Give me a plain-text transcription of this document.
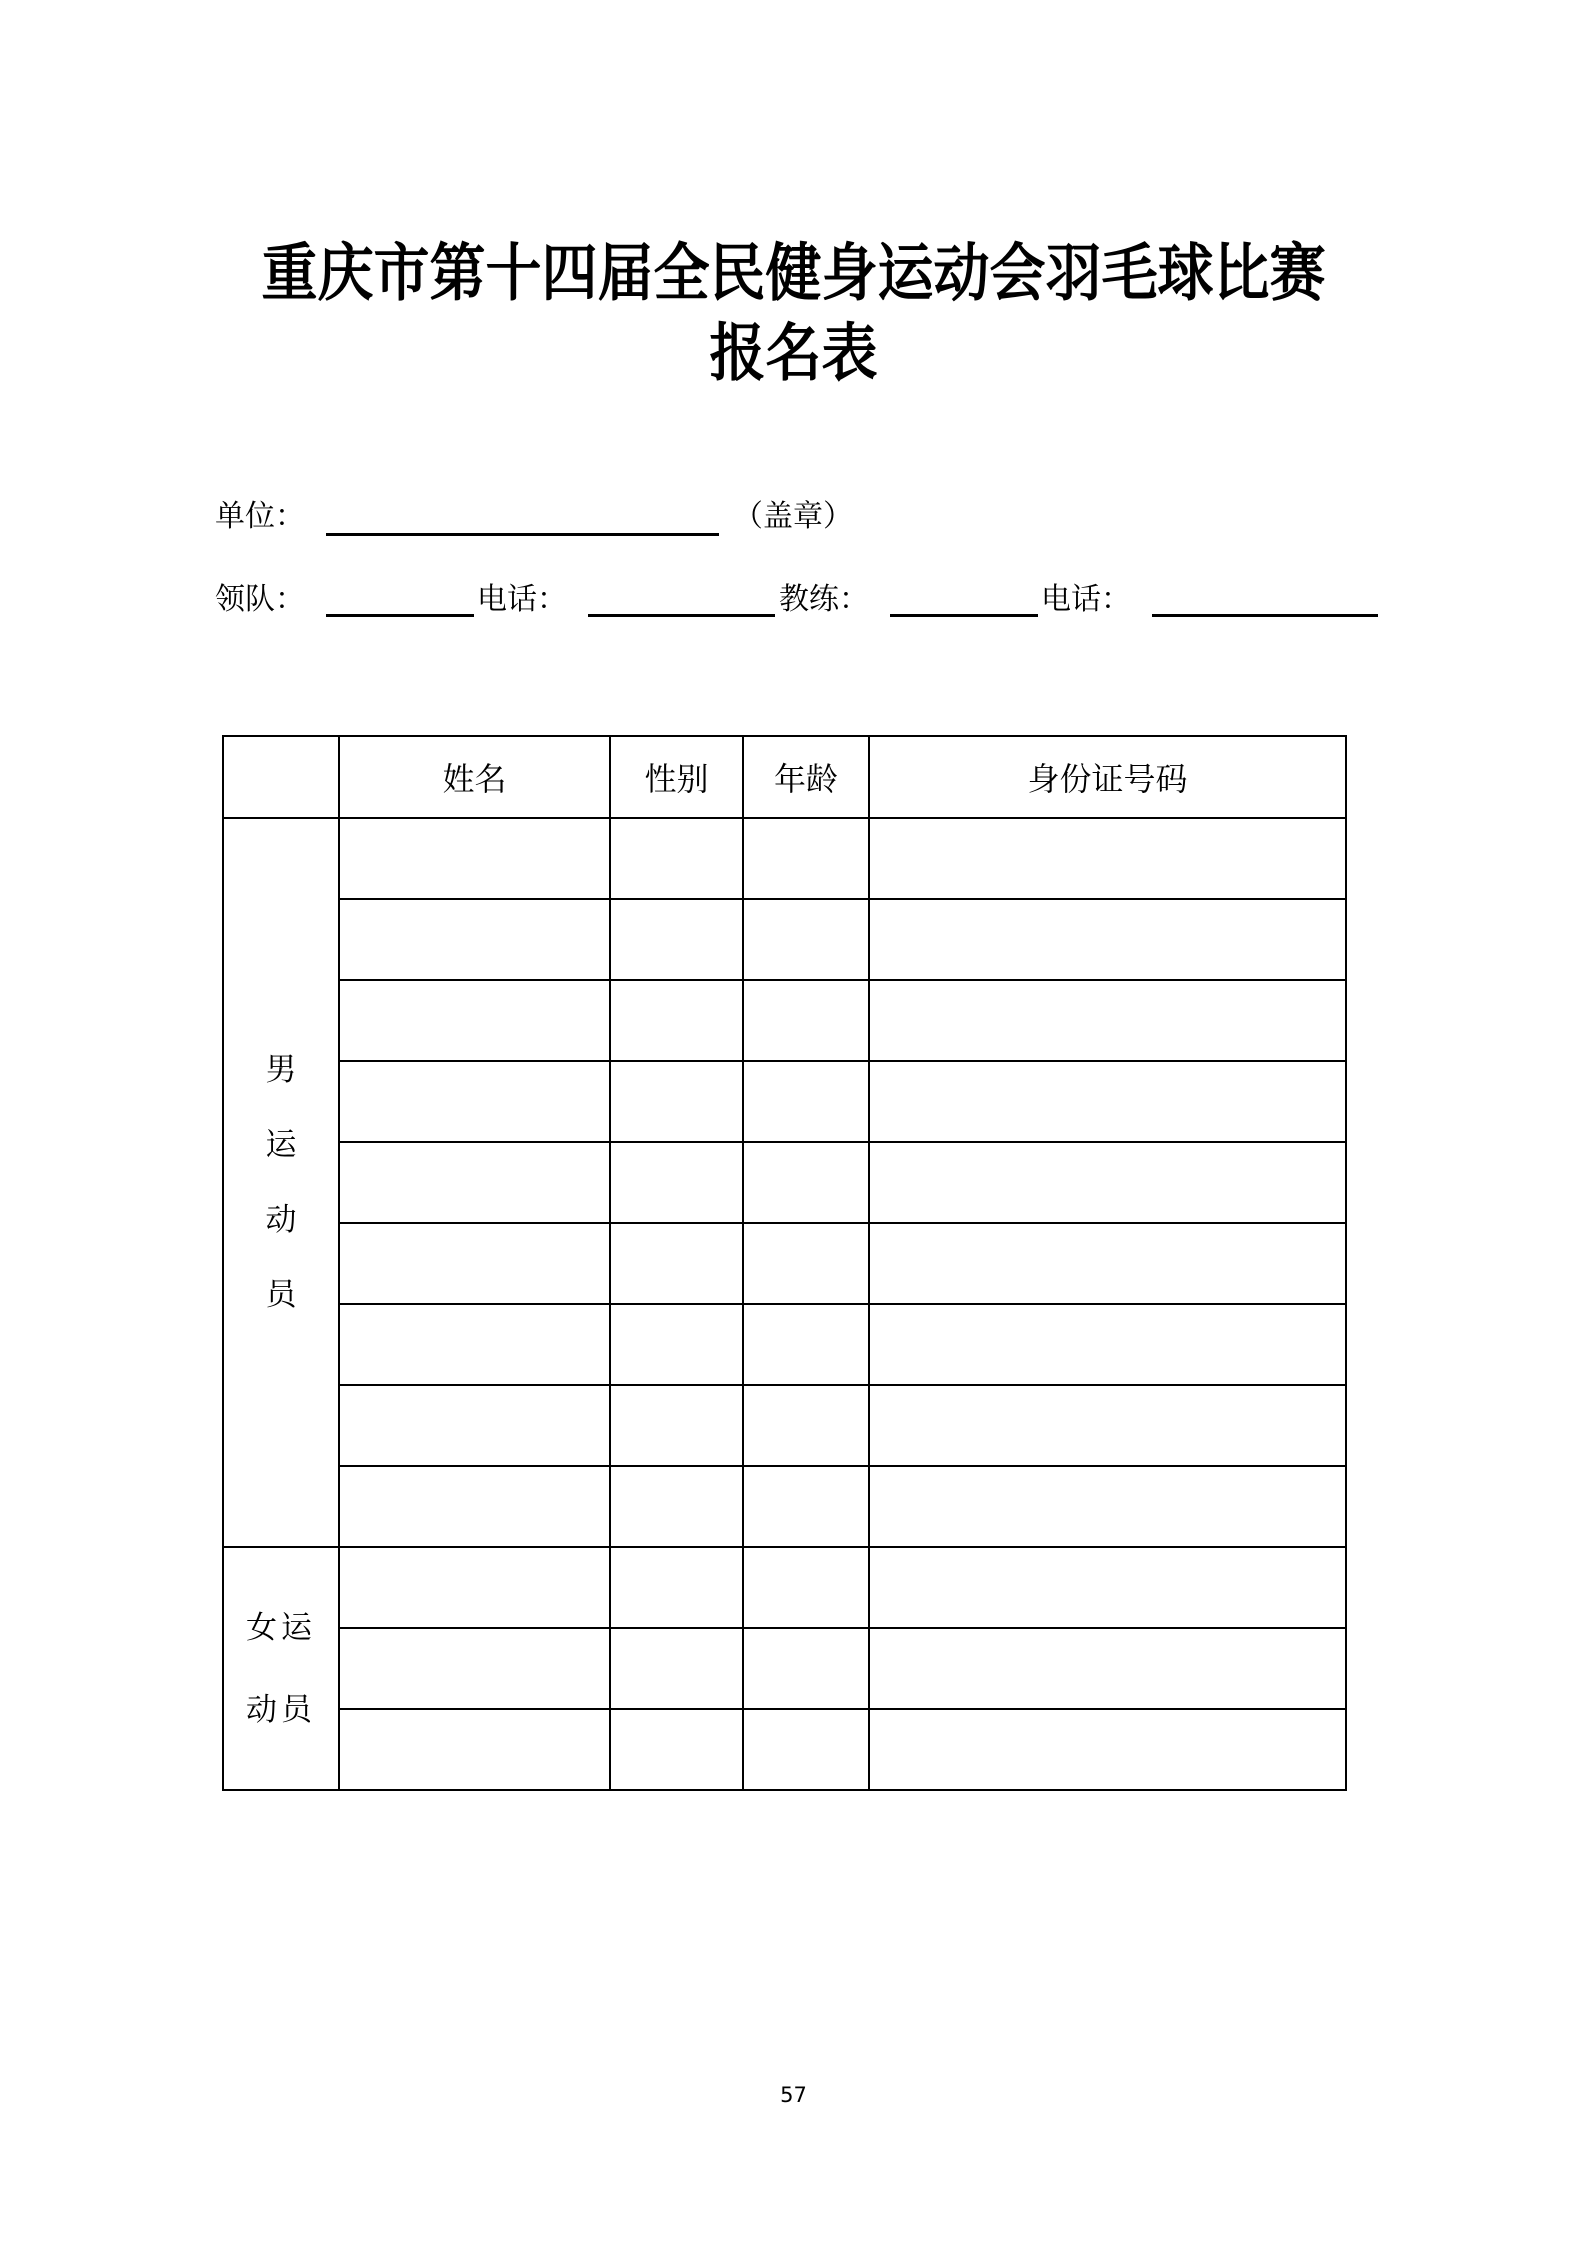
重庆市第十四届全民健身运动会羽毛球比赛
报名表
单位：	（盖章）
领队：	电话：	教练：	电话：
	姓名	性别	年龄	身份证号码

男
运
动
员				

女运
动员				

57
